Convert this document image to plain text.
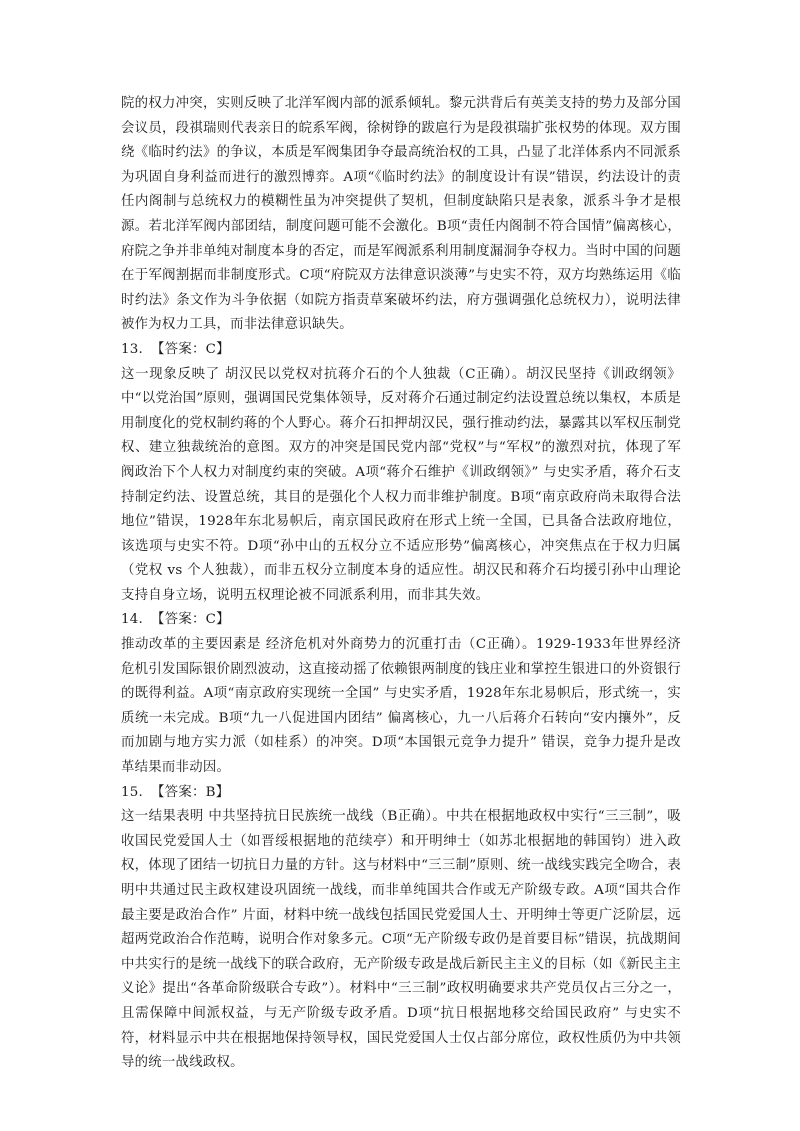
院的权力冲突，实则反映了北洋军阀内部的派系倾轧。黎元洪背后有英美支持的势力及部分国会议员，段祺瑞则代表亲日的皖系军阀，徐树铮的跋扈行为是段祺瑞扩张权势的体现。双方围绕《临时约法》的争议，本质是军阀集团争夺最高统治权的工具，凸显了北洋体系内不同派系为巩固自身利益而进行的激烈博弈。A项“《临时约法》的制度设计有误”错误，约法设计的责任内阁制与总统权力的模糊性虽为冲突提供了契机，但制度缺陷只是表象，派系斗争才是根源。若北洋军阀内部团结，制度问题可能不会激化。B项“责任内阁制不符合国情”偏离核心，府院之争并非单纯对制度本身的否定，而是军阀派系利用制度漏洞争夺权力。当时中国的问题在于军阀割据而非制度形式。C项“府院双方法律意识淡薄”与史实不符，双方均熟练运用《临时约法》条文作为斗争依据（如院方指责草案破坏约法，府方强调强化总统权力），说明法律被作为权力工具，而非法律意识缺失。

13. 【答案：C】

这一现象反映了 胡汉民以党权对抗蒋介石的个人独裁（C正确）。胡汉民坚持《训政纲领》中“以党治国”原则，强调国民党集体领导，反对蒋介石通过制定约法设置总统以集权，本质是用制度化的党权制约蒋的个人野心。蒋介石扣押胡汉民，强行推动约法，暴露其以军权压制党权、建立独裁统治的意图。双方的冲突是国民党内部“党权”与“军权”的激烈对抗，体现了军阀政治下个人权力对制度约束的突破。A项“蒋介石维护《训政纲领》” 与史实矛盾，蒋介石支持制定约法、设置总统，其目的是强化个人权力而非维护制度。B项“南京政府尚未取得合法地位”错误，1928年东北易帜后，南京国民政府在形式上统一全国，已具备合法政府地位，该选项与史实不符。D项“孙中山的五权分立不适应形势”偏离核心，冲突焦点在于权力归属（党权 vs 个人独裁），而非五权分立制度本身的适应性。胡汉民和蒋介石均援引孙中山理论支持自身立场，说明五权理论被不同派系利用，而非其失效。

14. 【答案：C】

推动改革的主要因素是 经济危机对外商势力的沉重打击（C正确）。1929-1933年世界经济危机引发国际银价剧烈波动，这直接动摇了依赖银两制度的钱庄业和掌控生银进口的外资银行的既得利益。A项“南京政府实现统一全国” 与史实矛盾，1928年东北易帜后，形式统一，实质统一未完成。B项“九一八促进国内团结” 偏离核心，九一八后蒋介石转向“安内攘外”，反而加剧与地方实力派（如桂系）的冲突。D项“本国银元竞争力提升” 错误，竞争力提升是改革结果而非动因。

15. 【答案：B】

这一结果表明 中共坚持抗日民族统一战线（B正确）。中共在根据地政权中实行“三三制”，吸收国民党爱国人士（如晋绥根据地的范续亭）和开明绅士（如苏北根据地的韩国钧）进入政权，体现了团结一切抗日力量的方针。这与材料中“三三制”原则、统一战线实践完全吻合，表明中共通过民主政权建设巩固统一战线，而非单纯国共合作或无产阶级专政。A项“国共合作最主要是政治合作” 片面，材料中统一战线包括国民党爱国人士、开明绅士等更广泛阶层，远超两党政治合作范畴，说明合作对象多元。C项“无产阶级专政仍是首要目标”错误，抗战期间中共实行的是统一战线下的联合政府，无产阶级专政是战后新民主主义的目标（如《新民主主义论》提出“各革命阶级联合专政”）。材料中“三三制”政权明确要求共产党员仅占三分之一，且需保障中间派权益，与无产阶级专政矛盾。D项“抗日根据地移交给国民政府” 与史实不符，材料显示中共在根据地保持领导权，国民党爱国人士仅占部分席位，政权性质仍为中共领导的统一战线政权。
